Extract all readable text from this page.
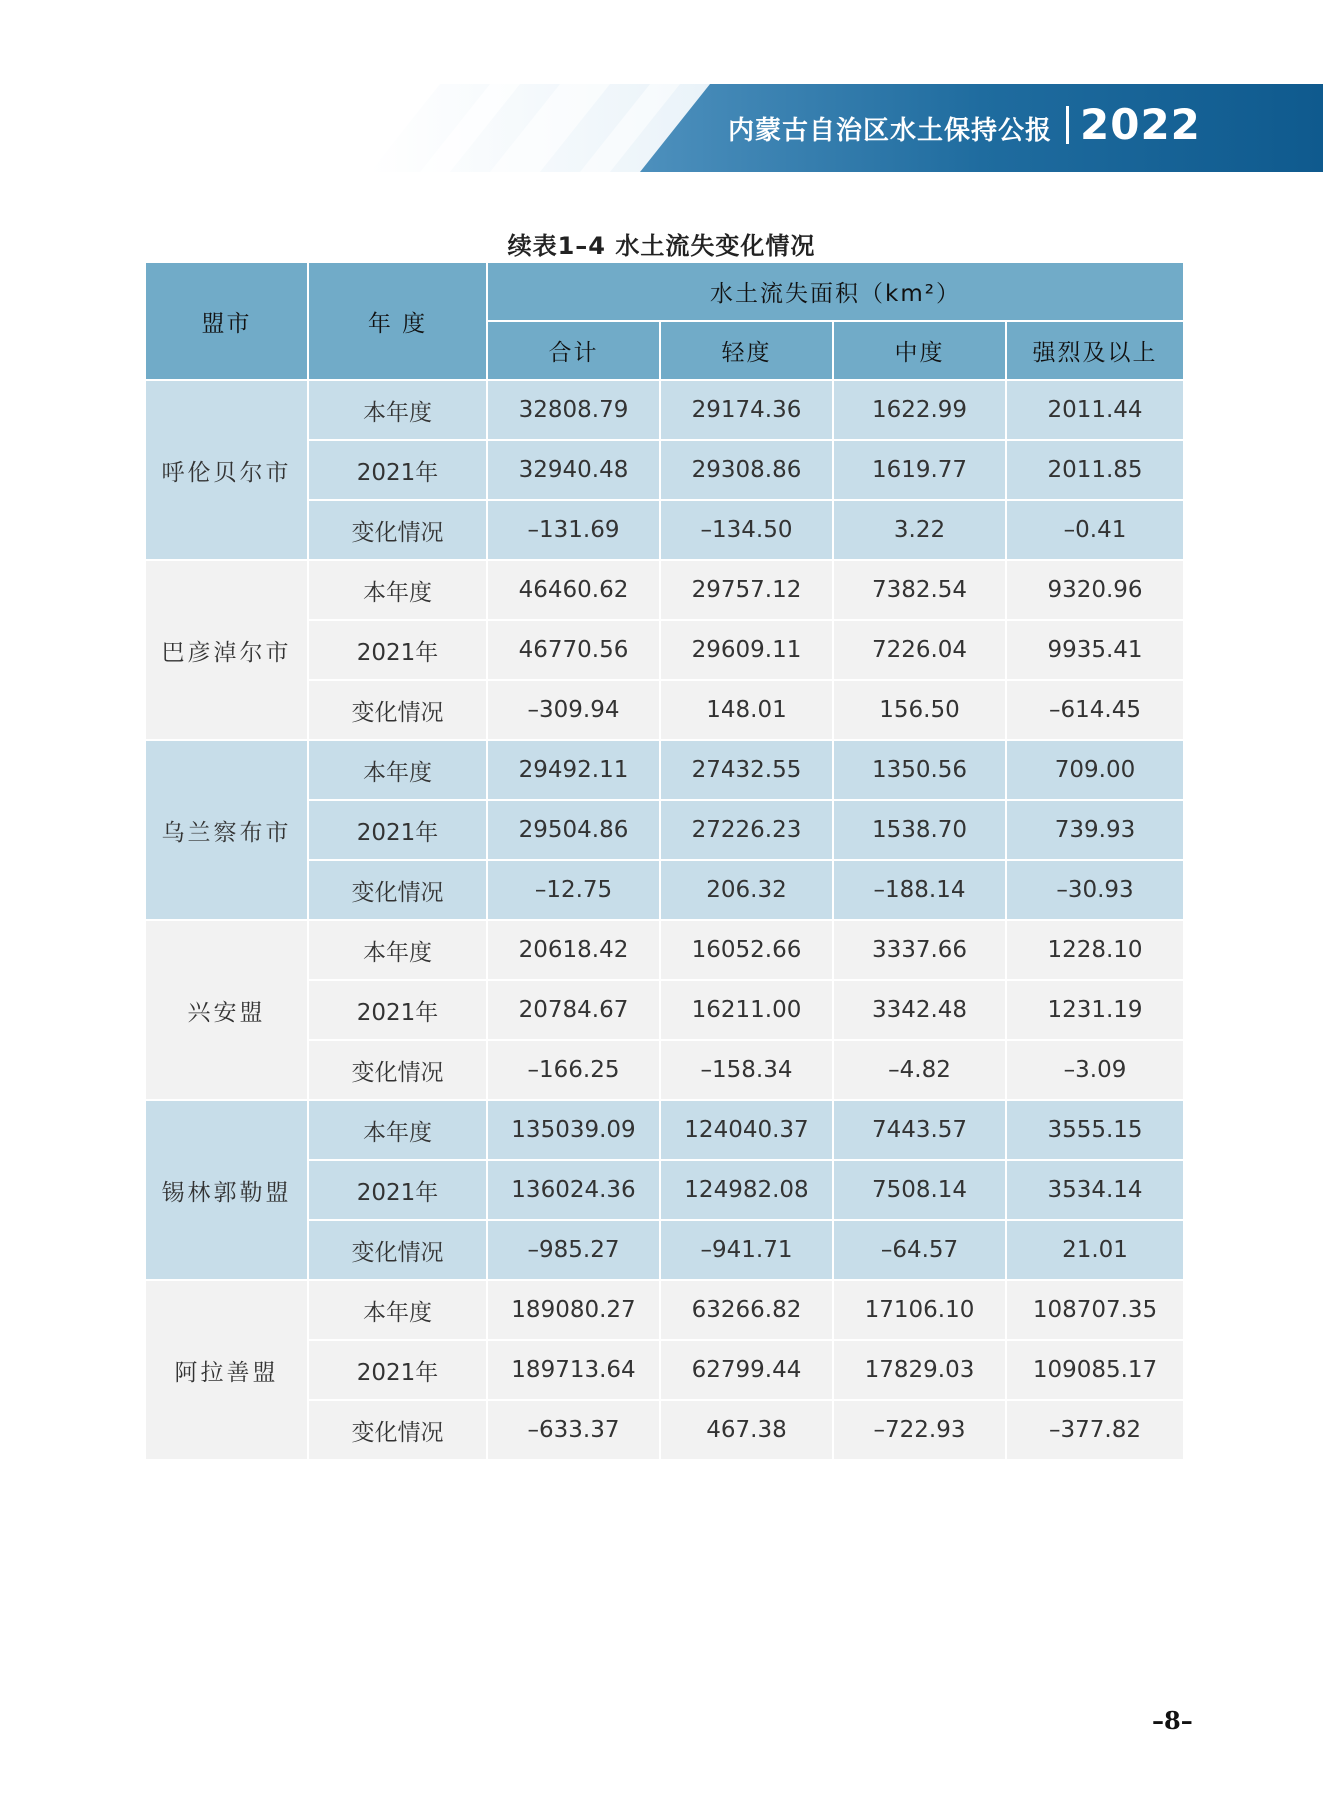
内蒙古自治区水土保持公报 2022
续表1–4 水土流失变化情况
盟市	年 度	水土流失面积（km²）			
		合计	轻度	中度	强烈及以上
呼伦贝尔市	本年度	32808.79	29174.36	1622.99	2011.44
	2021年	32940.48	29308.86	1619.77	2011.85
	变化情况	–131.69	–134.50	3.22	–0.41
巴彦淖尔市	本年度	46460.62	29757.12	7382.54	9320.96
	2021年	46770.56	29609.11	7226.04	9935.41
	变化情况	–309.94	148.01	156.50	–614.45
乌兰察布市	本年度	29492.11	27432.55	1350.56	709.00
	2021年	29504.86	27226.23	1538.70	739.93
	变化情况	–12.75	206.32	–188.14	–30.93
兴安盟	本年度	20618.42	16052.66	3337.66	1228.10
	2021年	20784.67	16211.00	3342.48	1231.19
	变化情况	–166.25	–158.34	–4.82	–3.09
锡林郭勒盟	本年度	135039.09	124040.37	7443.57	3555.15
	2021年	136024.36	124982.08	7508.14	3534.14
	变化情况	–985.27	–941.71	–64.57	21.01
阿拉善盟	本年度	189080.27	63266.82	17106.10	108707.35
	2021年	189713.64	62799.44	17829.03	109085.17
	变化情况	–633.37	467.38	–722.93	–377.82
–8–
